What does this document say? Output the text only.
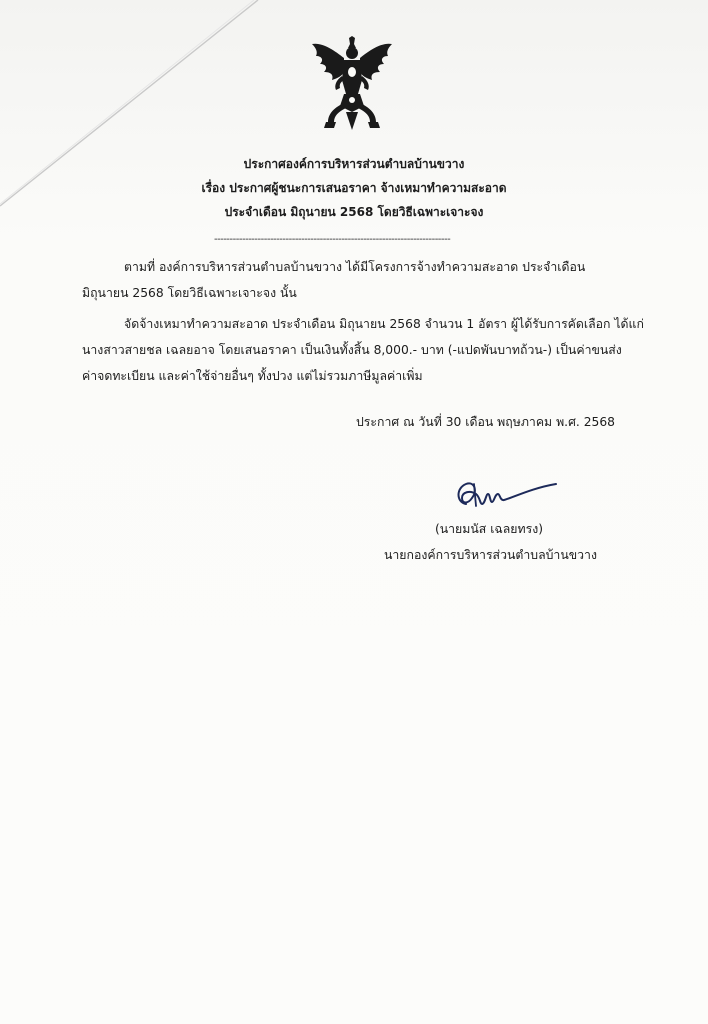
ประกาศองค์การบริหารส่วนตำบลบ้านขวาง
เรื่อง ประกาศผู้ชนะการเสนอราคา จ้างเหมาทำความสะอาด
ประจำเดือน มิถุนายน 2568 โดยวิธีเฉพาะเจาะจง
----------------------------------------------------------------------------
ตามที่ องค์การบริหารส่วนตำบลบ้านขวาง ได้มีโครงการจ้างทำความสะอาด ประจำเดือน
มิถุนายน 2568 โดยวิธีเฉพาะเจาะจง นั้น
จัดจ้างเหมาทำความสะอาด ประจำเดือน มิถุนายน 2568 จำนวน 1 อัตรา ผู้ได้รับการคัดเลือก ได้แก่
นางสาวสายชล เฉลยอาจ โดยเสนอราคา เป็นเงินทั้งสิ้น 8,000.- บาท (-แปดพันบาทถ้วน-) เป็นค่าขนส่ง
ค่าจดทะเบียน และค่าใช้จ่ายอื่นๆ ทั้งปวง แต่ไม่รวมภาษีมูลค่าเพิ่ม
ประกาศ ณ วันที่ 30 เดือน พฤษภาคม พ.ศ. 2568
(นายมนัส เฉลยทรง)
นายกองค์การบริหารส่วนตำบลบ้านขวาง
